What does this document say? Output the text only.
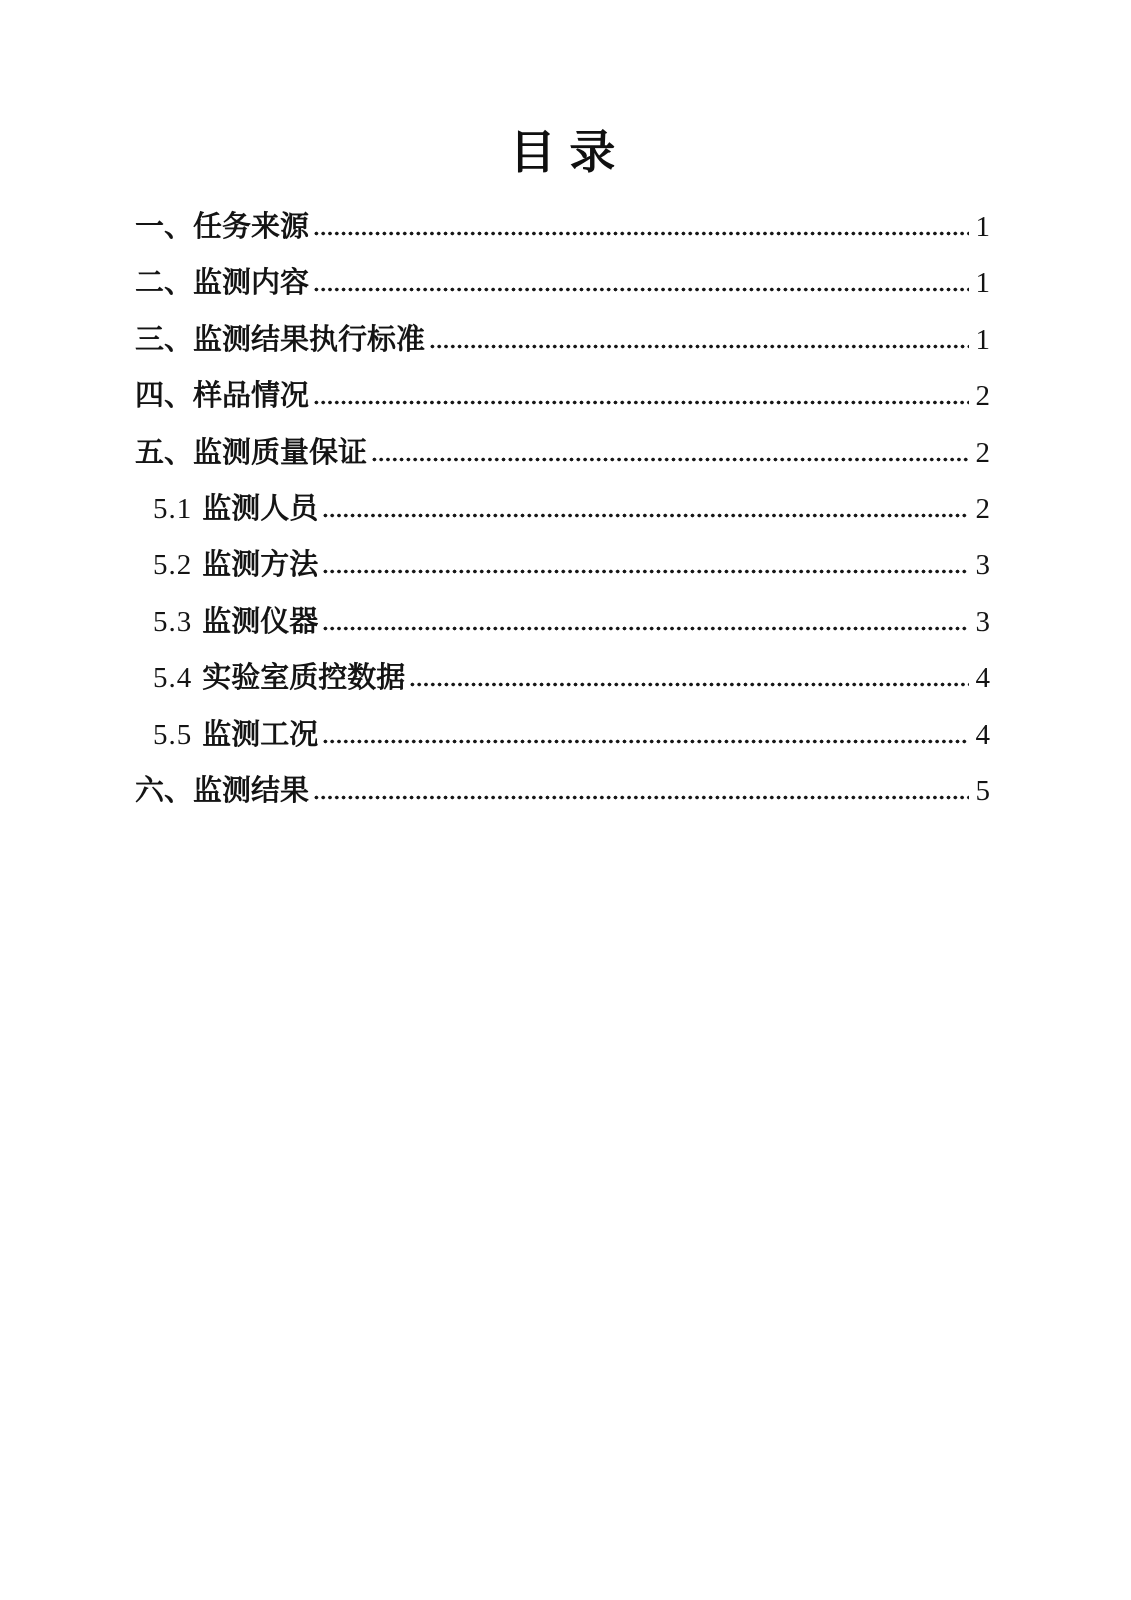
目录
一、 任务来源	1
二、 监测内容	1
三、 监测结果执行标准	1
四、 样品情况	2
五、 监测质量保证	2
5.1 监测人员	2
5.2 监测方法	3
5.3 监测仪器	3
5.4 实验室质控数据	4
5.5 监测工况	4
六、 监测结果	5
